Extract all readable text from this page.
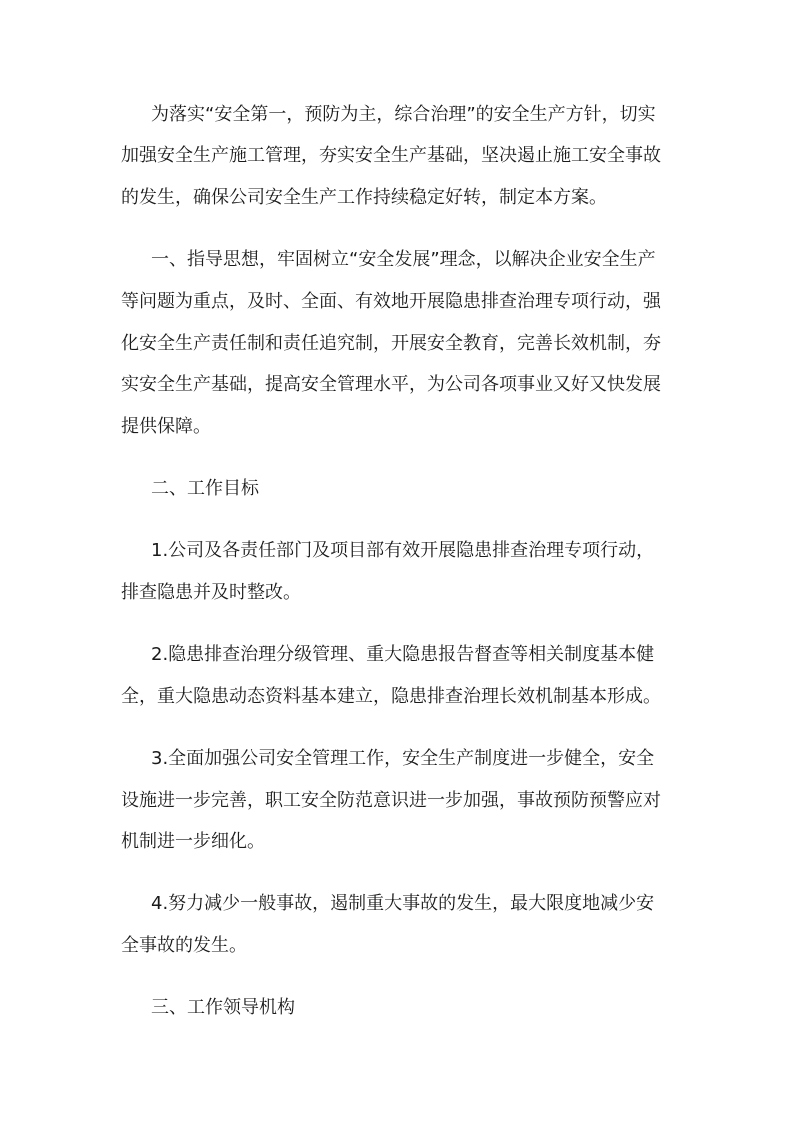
为落实“安全第一，预防为主，综合治理”的安全生产方针，切实

加强安全生产施工管理，夯实安全生产基础，坚决遏止施工安全事故

的发生，确保公司安全生产工作持续稳定好转，制定本方案。

一、指导思想，牢固树立“安全发展”理念，以解决企业安全生产

等问题为重点，及时、全面、有效地开展隐患排查治理专项行动，强

化安全生产责任制和责任追究制，开展安全教育，完善长效机制，夯

实安全生产基础，提高安全管理水平，为公司各项事业又好又快发展

提供保障。

二、工作目标

1.公司及各责任部门及项目部有效开展隐患排查治理专项行动，

排查隐患并及时整改。

2.隐患排查治理分级管理、重大隐患报告督查等相关制度基本健

全，重大隐患动态资料基本建立，隐患排查治理长效机制基本形成。

3.全面加强公司安全管理工作，安全生产制度进一步健全，安全

设施进一步完善，职工安全防范意识进一步加强，事故预防预警应对

机制进一步细化。

4.努力减少一般事故，遏制重大事故的发生，最大限度地减少安

全事故的发生。

三、工作领导机构
